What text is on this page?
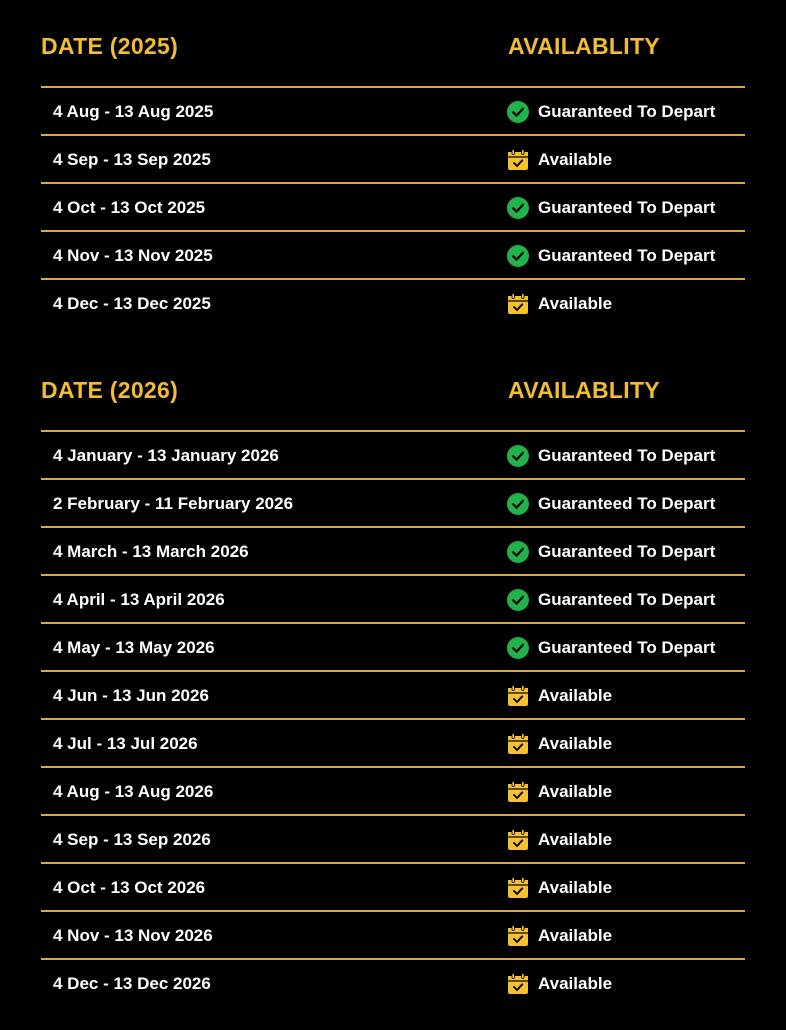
DATE (2025)	AVAILABLITY
4 Aug - 13 Aug 2025	Guaranteed To Depart
4 Sep - 13 Sep 2025	Available
4 Oct - 13 Oct 2025	Guaranteed To Depart
4 Nov - 13 Nov 2025	Guaranteed To Depart
4 Dec - 13 Dec 2025	Available
DATE (2026)	AVAILABLITY
4 January - 13 January 2026	Guaranteed To Depart
2 February - 11 February 2026	Guaranteed To Depart
4 March - 13 March 2026	Guaranteed To Depart
4 April - 13 April 2026	Guaranteed To Depart
4 May - 13 May 2026	Guaranteed To Depart
4 Jun - 13 Jun 2026	Available
4 Jul - 13 Jul 2026	Available
4 Aug - 13 Aug 2026	Available
4 Sep - 13 Sep 2026	Available
4 Oct - 13 Oct 2026	Available
4 Nov - 13 Nov 2026	Available
4 Dec - 13 Dec 2026	Available
